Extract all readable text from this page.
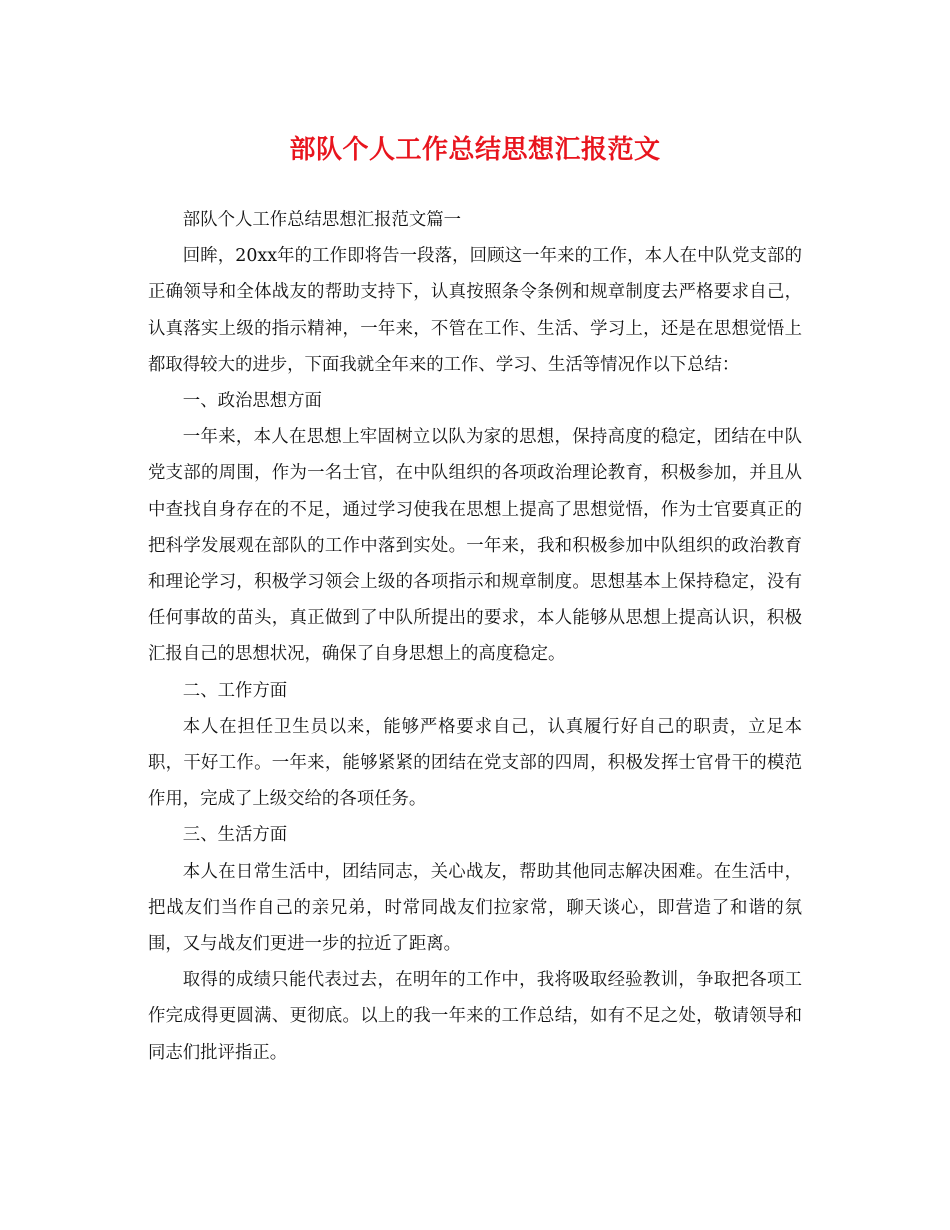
部队个人工作总结思想汇报范文

部队个人工作总结思想汇报范文篇一

回眸，20xx年的工作即将告一段落，回顾这一年来的工作，本人在中队党支部的正确领导和全体战友的帮助支持下，认真按照条令条例和规章制度去严格要求自己，认真落实上级的指示精神，一年来，不管在工作、生活、学习上，还是在思想觉悟上都取得较大的进步，下面我就全年来的工作、学习、生活等情况作以下总结：

一、政治思想方面

一年来，本人在思想上牢固树立以队为家的思想，保持高度的稳定，团结在中队党支部的周围，作为一名士官，在中队组织的各项政治理论教育，积极参加，并且从中查找自身存在的不足，通过学习使我在思想上提高了思想觉悟，作为士官要真正的把科学发展观在部队的工作中落到实处。一年来，我和积极参加中队组织的政治教育和理论学习，积极学习领会上级的各项指示和规章制度。思想基本上保持稳定，没有任何事故的苗头，真正做到了中队所提出的要求，本人能够从思想上提高认识，积极汇报自己的思想状况，确保了自身思想上的高度稳定。

二、工作方面

本人在担任卫生员以来，能够严格要求自己，认真履行好自己的职责，立足本职，干好工作。一年来，能够紧紧的团结在党支部的四周，积极发挥士官骨干的模范作用，完成了上级交给的各项任务。

三、生活方面

本人在日常生活中，团结同志，关心战友，帮助其他同志解决困难。在生活中，把战友们当作自己的亲兄弟，时常同战友们拉家常，聊天谈心，即营造了和谐的氛围，又与战友们更进一步的拉近了距离。

取得的成绩只能代表过去，在明年的工作中，我将吸取经验教训，争取把各项工作完成得更圆满、更彻底。以上的我一年来的工作总结，如有不足之处，敬请领导和同志们批评指正。
